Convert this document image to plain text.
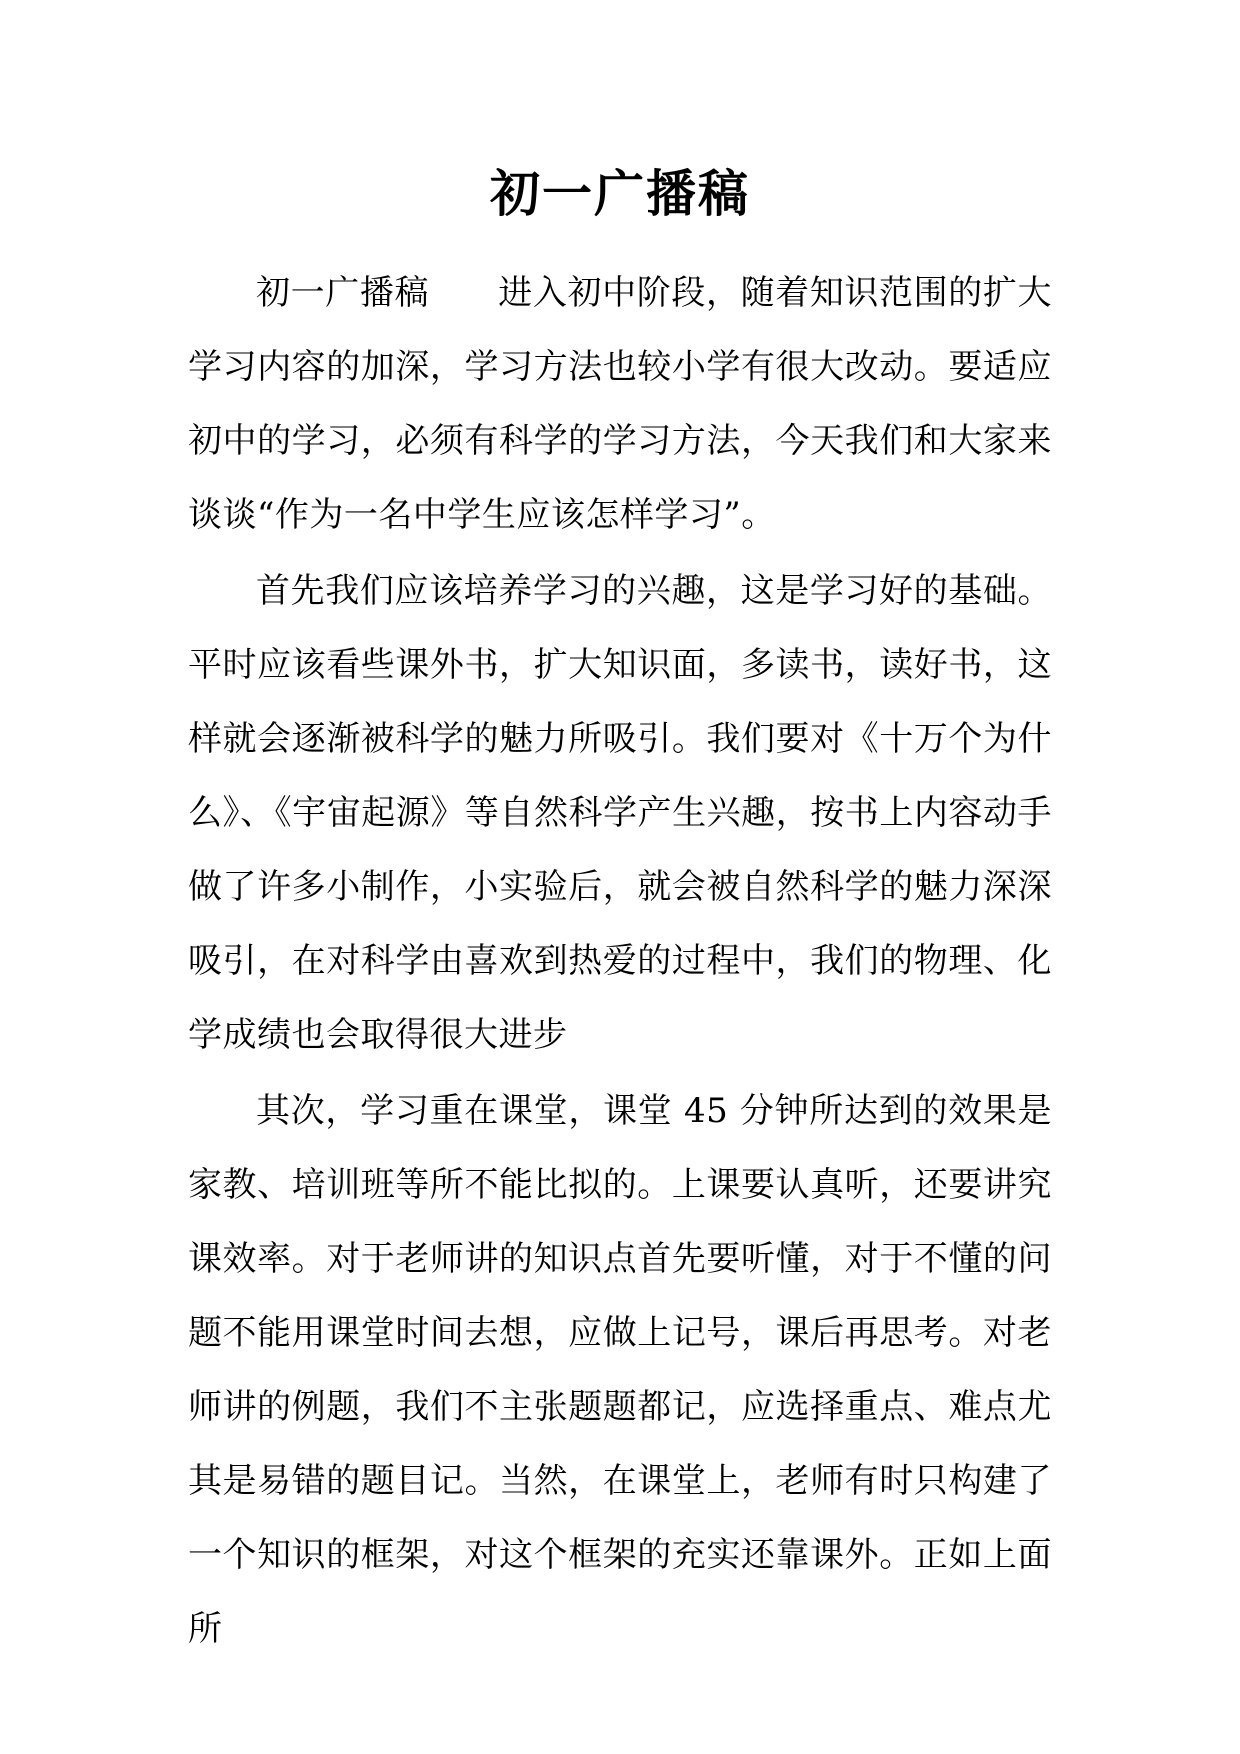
初一广播稿

初一广播稿　　进入初中阶段，随着知识范围的扩大学习内容的加深，学习方法也较小学有很大改动。要适应初中的学习，必须有科学的学习方法，今天我们和大家来谈谈“作为一名中学生应该怎样学习”。

首先我们应该培养学习的兴趣，这是学习好的基础。平时应该看些课外书，扩大知识面，多读书，读好书，这样就会逐渐被科学的魅力所吸引。我们要对《十万个为什么》、《宇宙起源》等自然科学产生兴趣，按书上内容动手做了许多小制作，小实验后，就会被自然科学的魅力深深吸引，在对科学由喜欢到热爱的过程中，我们的物理、化学成绩也会取得很大进步

其次，学习重在课堂，课堂 45 分钟所达到的效果是家教、培训班等所不能比拟的。上课要认真听，还要讲究课效率。对于老师讲的知识点首先要听懂，对于不懂的问题不能用课堂时间去想，应做上记号，课后再思考。对老师讲的例题，我们不主张题题都记，应选择重点、难点尤其是易错的题目记。当然，在课堂上，老师有时只构建了一个知识的框架，对这个框架的充实还靠课外。正如上面所
